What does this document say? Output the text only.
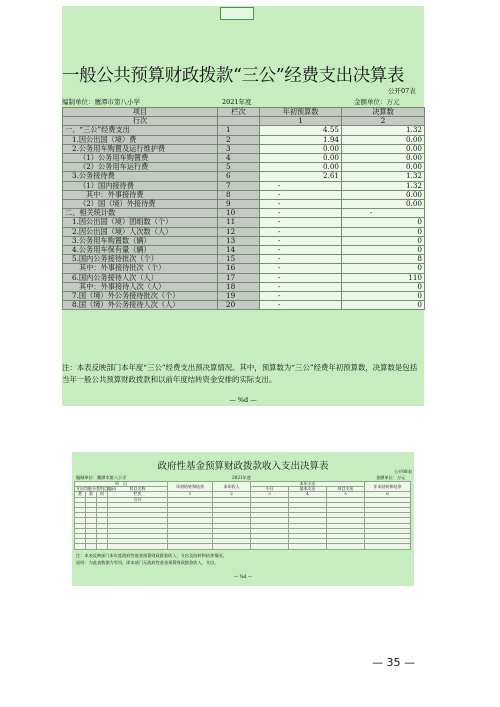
一般公共预算财政拨款“三公”经费支出决算表
公开07表
编制单位：鹰潭市第八小学	2021年度	金额单位：万元
项目	栏次	年初预算数	决算数
行次		1	2
一、“三公”经费支出	1	4.55	1.32
1.因公出国（境）费	2	1.94	0.00
2.公务用车购置及运行维护费	3	0.00	0.00
（1）公务用车购置费	4	0.00	0.00
（2）公务用车运行费	5	0.00	0.00
3.公务接待费	6	2.61	1.32
（1）国内接待费	7	-	1.32
其中：外事接待费	8	-	0.00
（2）国（境）外接待费	9	-	0.00
二、相关统计数	10	-	-
1.因公出国（境）团组数（个）	11	-	0
2.因公出国（境）人次数（人）	12	-	0
3.公务用车购置数（辆）	13	-	0
4.公务用车保有量（辆）	14	-	0
5.国内公务接待批次（个）	15	-	8
其中：外事接待批次（个）	16	-	0
6.国内公务接待人次（人）	17	-	110
其中：外事接待人次（人）	18	-	0
7.国（境）外公务接待批次（个）	19	-	0
8.国（境）外公务接待人次（人）	20	-	0
注：本表反映部门本年度“三公”经费支出预决算情况。其中，预算数为“三公”经费年初预算数，决算数是包括当年一般公共预算财政拨款和以前年度结转资金安排的实际支出。
— %d —
政府性基金预算财政拨款收入支出决算表	公开08表
编制单位：鹰潭市第八小学	2021年度	金额单位：万元
项　目				年初结转和结余	本年收入	本年支出			年末结转和结余
支出功能分类科目编码			科目名称			小计	基本支出	项目支出	

类	款	项	栏次	1	2	3	4	5	6
			合计						

注：本表反映部门本年度政府性基金预算财政拨款收入、支出及结转和结余情况。
说明：为此表数据为零项，即本部门无政府性基金预算财政拨款收入、支出。
— %d —
— 35 —
